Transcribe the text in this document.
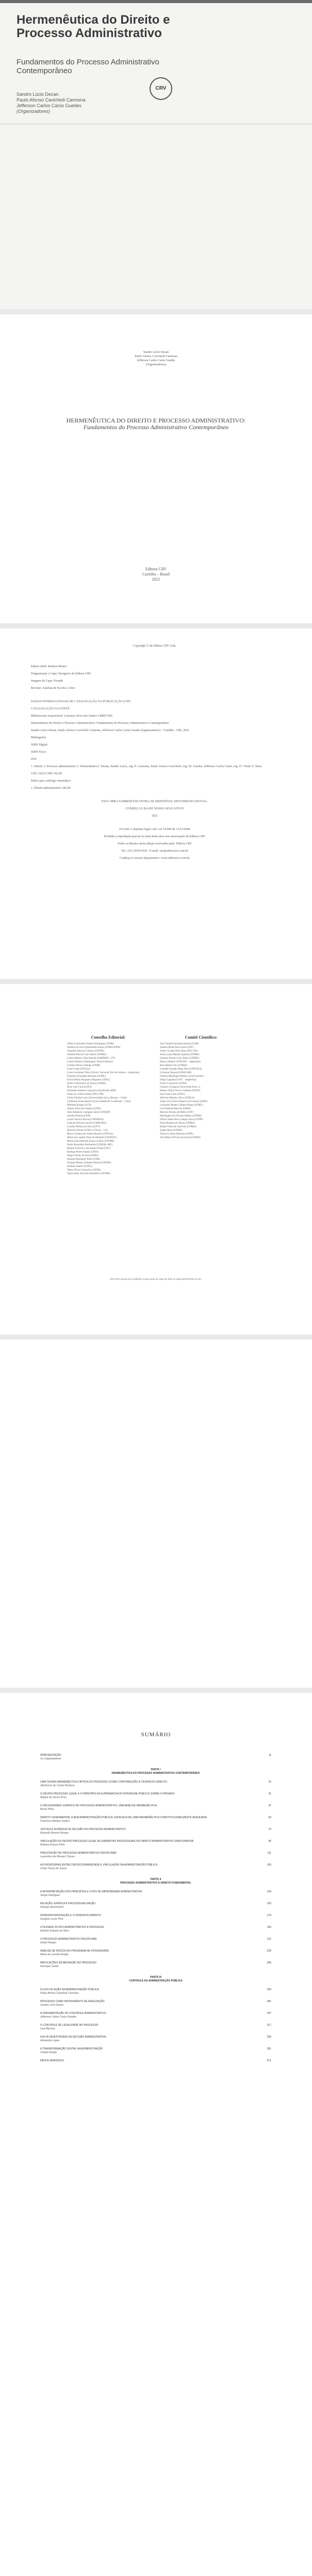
Hermenêutica do Direito e Processo Administrativo
Fundamentos do Processo Administrativo Contemporâneo
Sandro Lúcio Dezan
Paulo Afonso Cavichioli Carmona
Jefferson Carlos Carús Guedes
(Organizadores)
CRV
Sandro Lúcio Dezan
Paulo Afonso Cavichioli Carmona
Jefferson Carlos Carús Guedes
(Organizadores)
HERMENÊUTICA DO DIREITO E PROCESSO ADMINISTRATIVO:
Fundamentos do Processo Administrativo Contemporâneo
Editora CRV
Curitiba – Brasil
2021
Copyright © da Editora CRV Ltda.
Editor-chefe: Railson Moura
Diagramação e Capa: Designers da Editora CRV
Imagem da Capa: Freepik
Revisão: Analista de Escrita e Artes
DADOS INTERNACIONAIS DE CATALOGAÇÃO NA PUBLICAÇÃO (CIP)
CATALOGAÇÃO NA FONTE
Bibliotecária responsável: Luzenira Alves dos Santos CRB9/1506
Hermenêutica do Direito e Processo Administrativo: Fundamentos do Processo Administrativo Contemporâneo
Sandro Lúcio Dezan, Paulo Afonso Cavichioli Carmona, Jefferson Carlos Carús Guedes (organizadores) – Curitiba : CRV, 2021.
Bibliografia
ISBN Digital
ISBN Físico
DOI
1. Direito 2. Processo administrativo 3. Hermenêutica I. Dezan, Sandro Lúcio, org. II. Carmona, Paulo Afonso Cavichioli, org. III. Guedes, Jefferson Carlos Carús, org. IV. Título V. Série.
CDU 342.9 CDD 342.06
Índice para catálogo sistemático
1. Direito administrativo 342.06
ESTA OBRA TAMBÉM ENCONTRA-SE DISPONÍVEL EM FORMATO DIGITAL.
CONHEÇA E BAIXE NOSSO APLICATIVO!
2021
Foi feito o depósito legal conf. Lei 10.994 de 14/12/2004
Proibida a reprodução parcial ou total desta obra sem autorização da Editora CRV
Todos os direitos desta edição reservados pela: Editora CRV
Tel.: (41) 3039-6418 - E-mail: sac@editoracrv.com.br
Conheça os nossos lançamentos: www.editoracrv.com.br
Conselho Editorial:
Aldira Guimarães Duarte Domínguez (UNB)
Andréia da Silva Quintanilha Sousa (UNIR/UFRN)
Anselmo Alencar Colares (UFOPA)
Antônio Pereira Gaio Júnior (UFRRJ)
Carlos Alberto Vilar Estêvão (UMINHO – PT)
Carlos Federico Dominguez Avila (Unieuro)
Carmen Tereza Velanga (UNIR)
Celso Conti (UFSCar)
Cesar Gerónimo Tello (Univer. Nacional Três de Febrero – Argentina)
Eduardo Fernandes Barbosa (UFMG)
Elione Maria Nogueira Diogenes (UFAL)
Elizeu Clementino de Souza (UNEB)
Élsio José Corá (UFFS)
Fernando Antônio Gonçalves Alcoforado (IPB)
Francisco Carlos Duarte (PUC-PR)
Gloria Fariñas León (Universidade de La Havana – Cuba)
Guillermo Arias Beatón (Universidade de La Havana – Cuba)
Helmuth Krüger (UCP)
Jailson Alves dos Santos (UFRJ)
João Adalberto Campato Junior (UNESP)
Josania Portela (UFPI)
Leonel Severo Rocha (UNISINOS)
Lídia de Oliveira Xavier (UNIEURO)
Lourdes Helena da Silva (UFV)
Marcelo Paixão (UFRJ e UTexas – US)
Maria Cristina dos Santos Bezerra (UFSCar)
Maria de Lourdes Pinto de Almeida (UNOESC)
Maria Lília Imbiriba Sousa Colares (UFOPA)
Paulo Romualdo Hernandes (UNIFAL-MG)
Renato Francisco dos Santos Paula (UFG)
Rodrigo Pratte-Santos (UFES)
Sérgio Nunes de Jesus (IFRO)
Simone Rodrigues Pinto (UNB)
Solange Helena Ximenes-Rocha (UFOPA)
Sydione Santos (UEPG)
Tadeu Oliver Gonçalves (UFPA)
Tania Suely Azevedo Brasileiro (UFOPA)
Comitê Científico:
Ana Claudia Farranha Santana (UnB)
Andrea Abrão Paes Leme (UFF)
Andre Vicente Pires Rosa (PUC-RS)
Anna Luiza Martins Spínola (UFRRJ)
Antônio Pereira Gaio Júnior (UFRRJ)
Blanca Zeberio (UNICEN – Argentina)
Braz Batista Vas (UFRRJ)
Candido Furtado Maia Neto (UNIVALI)
Cristiane Dupret (UNISUAM)
Daniela Menengoti Ribeiro (UniCesumar)
Diego Lapalma (UNC – Argentina)
Flavio Gonçalves (UFPE)
Gustavo Cerqueira (Université Paris 1)
Helena Telino Neves Godinho (UFRN)
Iara Costa Leite (UFSC)
Jeferson Mariano Silva (UFRGS)
Jorge Luís Fortes Pinheiro da Camara (UERJ)
Leonardo Nemer Caldeira Brant (UFMG)
Luís Roberto Barroso (UERJ)
Marcelo Pereira de Mello (UFF)
Mariângela de Oliveira Mattos (UFRRJ)
Nilson Tadeu Reis Campos Silva (UENP)
Paulo Roberto de Abreu (UFRRJ)
Rafael Vieira de Azevedo (UFRRJ)
Sergio Rosa (UFRRJ)
Tereza Cristina Barbosa (UFPE)
Vera Maria Oliveira de Sousa (UFRRJ)
Este livro passou por avaliação e aprovação às cegas de dois ou mais pareceristas ad hoc.
SUMÁRIO
APRESENTAÇÃO	11
Os Organizadores
PARTE I
HERMENÊUTICA DO PROCESSO ADMINISTRATIVO CONTEMPORÂNEO
UMA TEORIA HERMENÊUTICA CRÍTICA DO PROCESSO (COMO CONTRIBUIÇÃO À TEORIA DO DIREITO)	15
Jânderson de Castro Barbosa
O DEVIDO PROCESSO LEGAL E O PRINCÍPIO DA SUPREMACIA DO INTERESSE PÚBLICO SOBRE O PRIVADO	31
Ângela de Sousa Pires
O DECISIONISMO JURÍDICO NO PROCESSO ADMINISTRATIVO: UMA ANÁLISE HERMENÊUTICA	47
Bruno Pinto
DIREITO FUNDAMENTAL À BOA ADMINISTRAÇÃO PÚBLICA: EM BUSCA DE UMA HERMENÊUTICA CONSTITUCIONALMENTE ADEQUADA	63
Francisco Adriano Santos
JUSTIÇA E AUSÊNCIA DE DECISÃO NO PROCESSO ADMINISTRATIVO	79
Eduardo Moreira Moraes
VINCULAÇÃO DO DEVIDO PROCESSO LEGAL ÀS GARANTIAS PROCESSUAIS NO DIREITO ADMINISTRATIVO SANCIONADOR	95
Adriana Passos Pinto
PRESCRIÇÃO NO PROCESSO ADMINISTRATIVO DISCIPLINAR	111
Laurentino de Moraes Chaves
AS FRONTEIRAS ENTRE DISCRICIONARIEDADE E VINCULAÇÃO NA ADMINISTRAÇÃO PÚBLICA	125
Vivian Torres de Souza
PARTE II
PROCESSO ADMINISTRATIVO E DIREITO FUNDAMENTAL
A INTERPRETAÇÃO DOS PRINCÍPIOS E O ATO DE IMPROBIDADE ADMINISTRATIVA	143
Sergio Rodrigues
RELAÇÃO JURÍDICA E PROCESSUALIZAÇÃO	163
Rodrigo Nascimento
DESBUROCRATIZAÇÃO E O DESENVOLVIMENTO	179
Douglas Lucas Pina
UTILIDADE DO ATO ADMINISTRATIVO E PROCESSO	195
Antônio Roberto da Silva
O PROCESSO ADMINISTRATIVO DISCIPLINAR	211
Daniel Borges
ANÁLISE DE RISCOS NO PROGRAMA DE INTEGRIDADE	229
Maria de Lourdes Araújo
IMPLICAÇÕES DA MEDIAÇÃO NO PROCESSO	245
Henrique Sarkis
PARTE III
CONTROLE DA ADMINISTRAÇÃO PÚBLICA
FLUXO DE AÇÃO NA ADMINISTRAÇÃO PÚBLICA	263
Paulo Afonso Cavichioli Carmona
PROCESSO COMO INSTRUMENTO DE REALIZAÇÃO	281
Sandro Lúcio Dezan
A FRAGMENTAÇÃO DO CONTROLE ADMINISTRATIVO	297
Jefferson Carlos Carús Guedes
O CONTROLE DE LEGALIDADE NO PROCESSO	317
Lara Barroso
A ALTA OBJETIVIDADE DA DECISÃO ADMINISTRATIVA	335
Alexandre Lopes
A TRANSFORMAÇÃO DIGITAL NA ADMINISTRAÇÃO	351
Viviane Araújo
ÍNDICE REMISSIVO	371
